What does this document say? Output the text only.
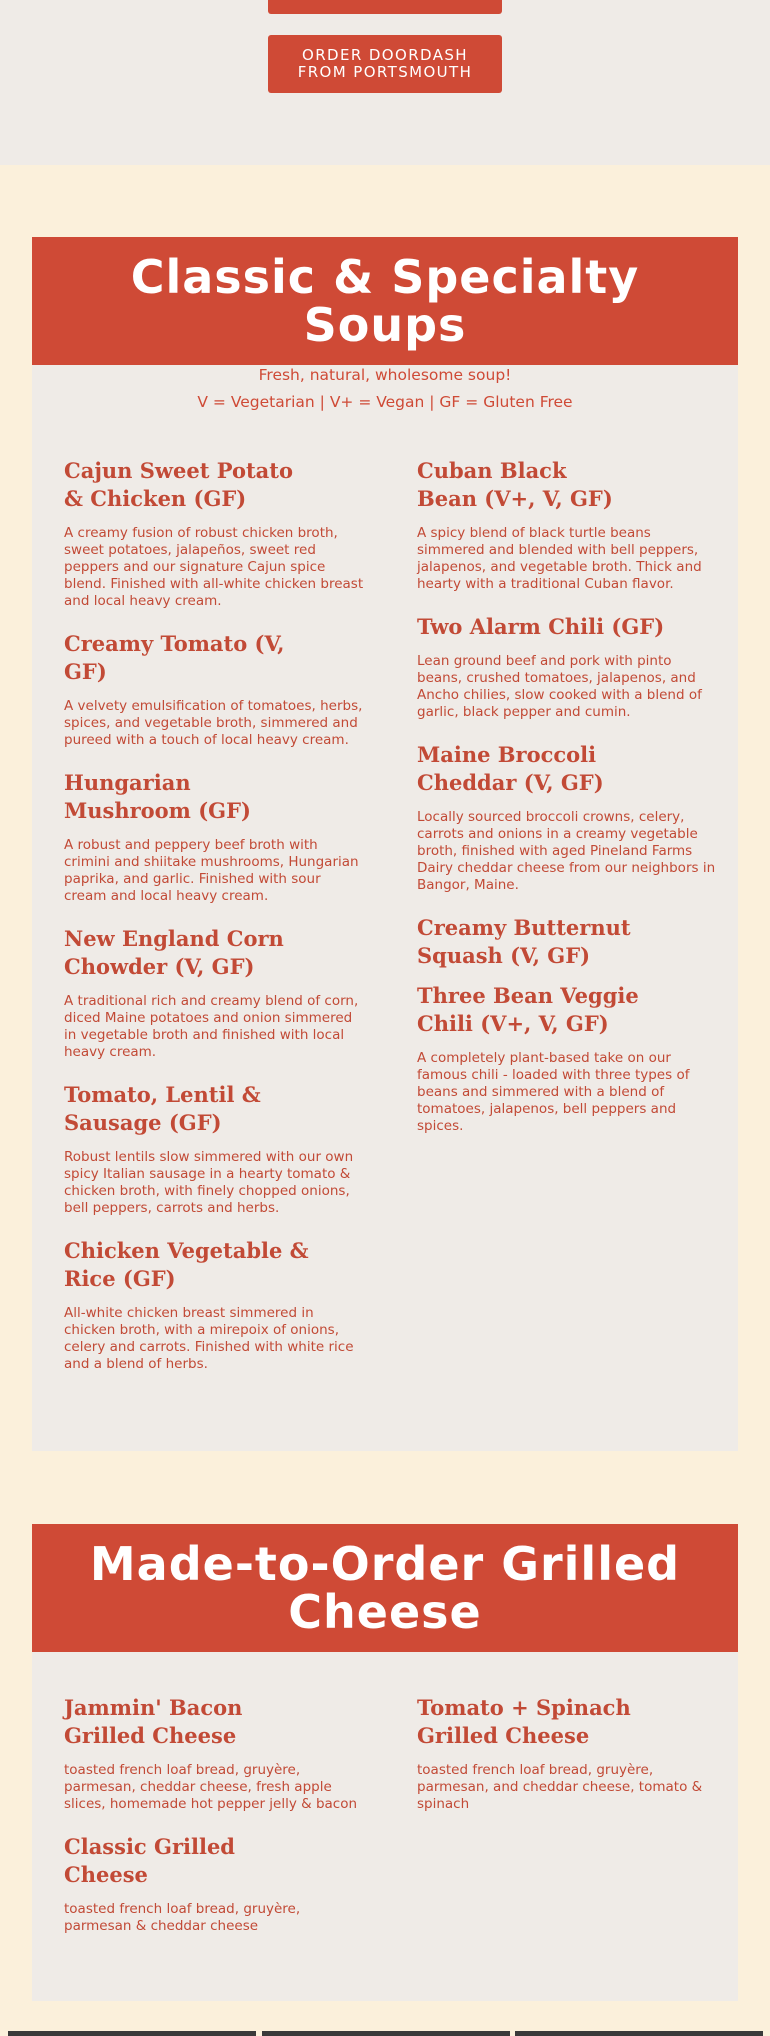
ORDER DOORDASH FROM PORTSMOUTH
Classic & Specialty Soups
Fresh, natural, wholesome soup!
V = Vegetarian | V+ = Vegan | GF = Gluten Free
Cajun Sweet Potato & Chicken (GF)
A creamy fusion of robust chicken broth, sweet potatoes, jalapeños, sweet red peppers and our signature Cajun spice blend. Finished with all-white chicken breast and local heavy cream.
Creamy Tomato (V, GF)
A velvety emulsification of tomatoes, herbs, spices, and vegetable broth, simmered and pureed with a touch of local heavy cream.
Hungarian Mushroom (GF)
A robust and peppery beef broth with crimini and shiitake mushrooms, Hungarian paprika, and garlic. Finished with sour cream and local heavy cream.
New England Corn Chowder (V, GF)
A traditional rich and creamy blend of corn, diced Maine potatoes and onion simmered in vegetable broth and finished with local heavy cream.
Tomato, Lentil & Sausage (GF)
Robust lentils slow simmered with our own spicy Italian sausage in a hearty tomato & chicken broth, with finely chopped onions, bell peppers, carrots and herbs.
Chicken Vegetable & Rice (GF)
All-white chicken breast simmered in chicken broth, with a mirepoix of onions, celery and carrots. Finished with white rice and a blend of herbs.
Cuban Black Bean (V+, V, GF)
A spicy blend of black turtle beans simmered and blended with bell peppers, jalapenos, and vegetable broth. Thick and hearty with a traditional Cuban flavor.
Two Alarm Chili (GF)
Lean ground beef and pork with pinto beans, crushed tomatoes, jalapenos, and Ancho chilies, slow cooked with a blend of garlic, black pepper and cumin.
Maine Broccoli Cheddar (V, GF)
Locally sourced broccoli crowns, celery, carrots and onions in a creamy vegetable broth, finished with aged Pineland Farms Dairy cheddar cheese from our neighbors in Bangor, Maine.
Creamy Butternut Squash (V, GF)
Three Bean Veggie Chili (V+, V, GF)
A completely plant-based take on our famous chili - loaded with three types of beans and simmered with a blend of tomatoes, jalapenos, bell peppers and spices.
Made-to-Order Grilled Cheese
Jammin' Bacon Grilled Cheese
toasted french loaf bread, gruyère, parmesan, cheddar cheese, fresh apple slices, homemade hot pepper jelly & bacon
Classic Grilled Cheese
toasted french loaf bread, gruyère, parmesan & cheddar cheese
Tomato + Spinach Grilled Cheese
toasted french loaf bread, gruyère, parmesan, and cheddar cheese, tomato & spinach
